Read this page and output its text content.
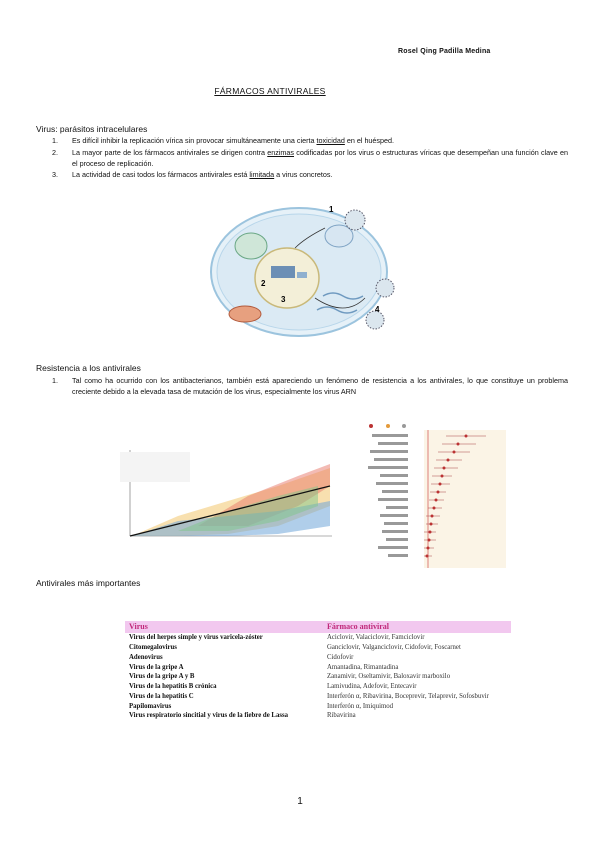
Rosel Qing Padilla Medina
FÁRMACOS ANTIVIRALES
Virus: parásitos intracelulares
1. Es difícil inhibir la replicación vírica sin provocar simultáneamente una cierta toxicidad en el huésped.
2. La mayor parte de los fármacos antivirales se dirigen contra enzimas codificadas por los virus o estructuras víricas que desempeñan una función clave en el proceso de replicación.
3. La actividad de casi todos los fármacos antivirales está limitada a virus concretos.
1
2
3
4
Resistencia a los antivirales
1. Tal como ha ocurrido con los antibacterianos, también está apareciendo un fenómeno de resistencia a los antivirales, lo que constituye un problema creciente debido a la elevada tasa de mutación de los virus, especialmente los virus ARN
Antivirales más importantes
Virus	Fármaco antiviral
Virus del herpes simple y virus varicela-zóster	Aciclovir, Valaciclovir, Famciclovir
Citomegalovirus	Ganciclovir, Valganciclovir, Cidofovir, Foscarnet
Adenovirus	Cidofovir
Virus de la gripe A	Amantadina, Rimantadina
Virus de la gripe A y B	Zanamivir, Oseltamivir, Baloxavir marboxilo
Virus de la hepatitis B crónica	Lamivudina, Adefovir, Entecavir
Virus de la hepatitis C	Interferón α, Ribavirina, Boceprevir, Telaprevir, Sofosbuvir
Papilomavirus	Interferón α, Imiquimod
Virus respiratorio sincitial y virus de la fiebre de Lassa	Ribavirina
1
